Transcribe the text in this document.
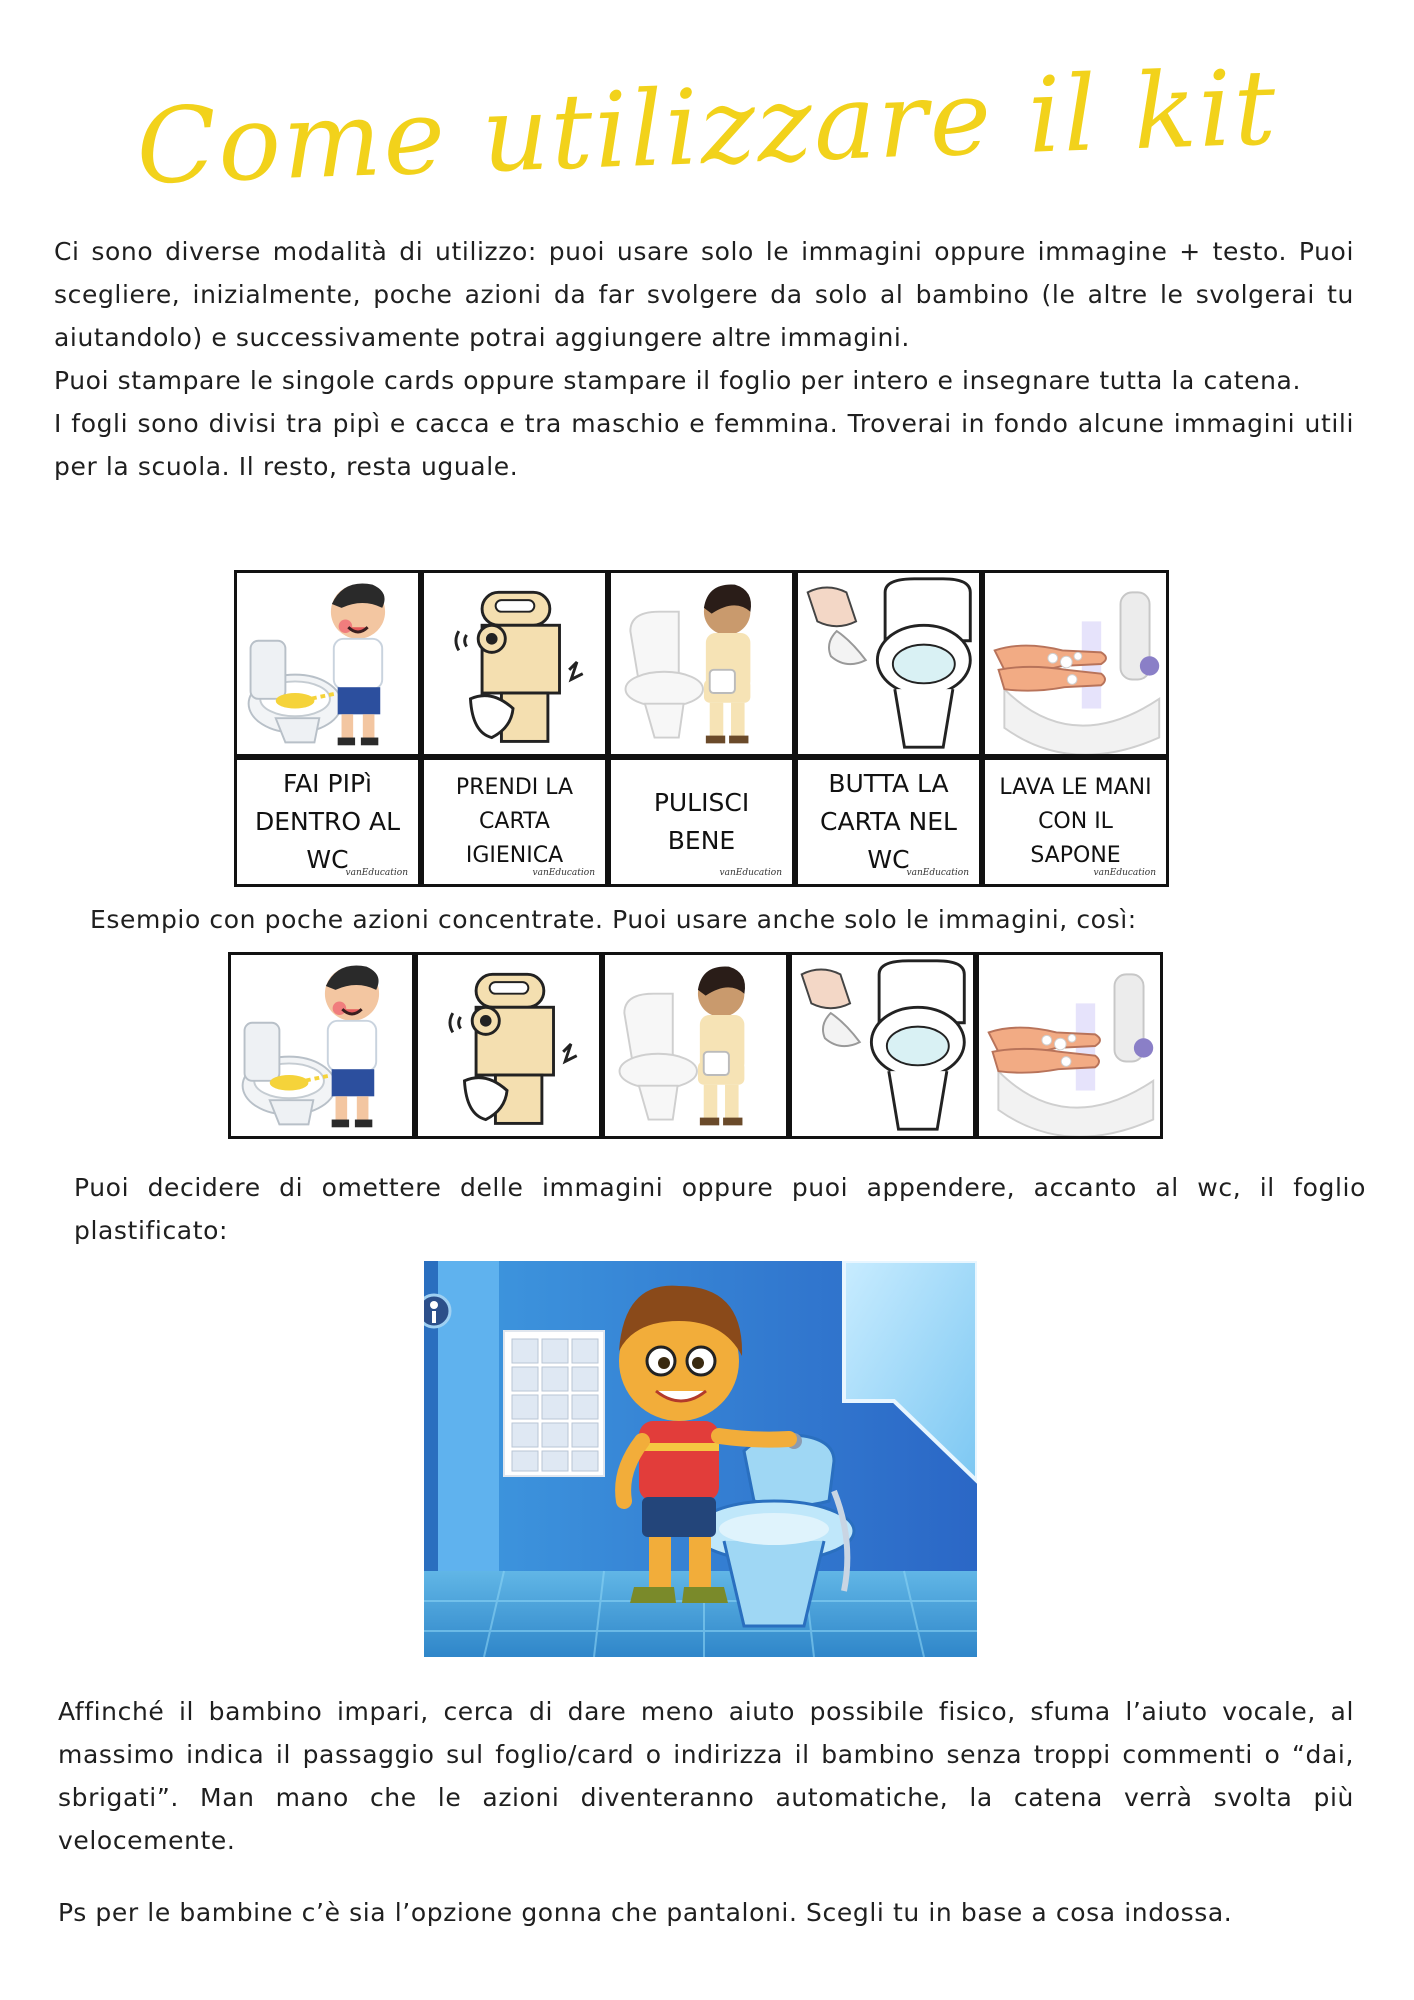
Come utilizzare il kit

Ci sono diverse modalità di utilizzo: puoi usare solo le immagini oppure immagine + testo. Puoi scegliere, inizialmente, poche azioni da far svolgere da solo al bambino (le altre le svolgerai tu aiutandolo) e successivamente potrai aggiungere altre immagini.

Puoi stampare le singole cards oppure stampare il foglio per intero e insegnare tutta la catena.

I fogli sono divisi tra pipì e cacca e tra maschio e femmina. Troverai in fondo alcune immagini utili per la scuola. Il resto, resta uguale.

FAI PIPì DENTRO AL WC
vanEducation
PRENDI LA CARTA IGIENICA
vanEducation
PULISCI BENE
vanEducation
BUTTA LA CARTA NEL WC
vanEducation
LAVA LE MANI CON IL SAPONE
vanEducation
Esempio con poche azioni concentrate. Puoi usare anche solo le immagini, così:

Puoi decidere di omettere delle immagini oppure puoi appendere, accanto al wc, il foglio plastificato:

Affinché il bambino impari, cerca di dare meno aiuto possibile fisico, sfuma l’aiuto vocale, al massimo indica il passaggio sul foglio/card o indirizza il bambino senza troppi commenti o “dai, sbrigati”. Man mano che le azioni diventeranno automatiche, la catena verrà svolta più velocemente.

Ps per le bambine c’è sia l’opzione gonna che pantaloni. Scegli tu in base a cosa indossa.
